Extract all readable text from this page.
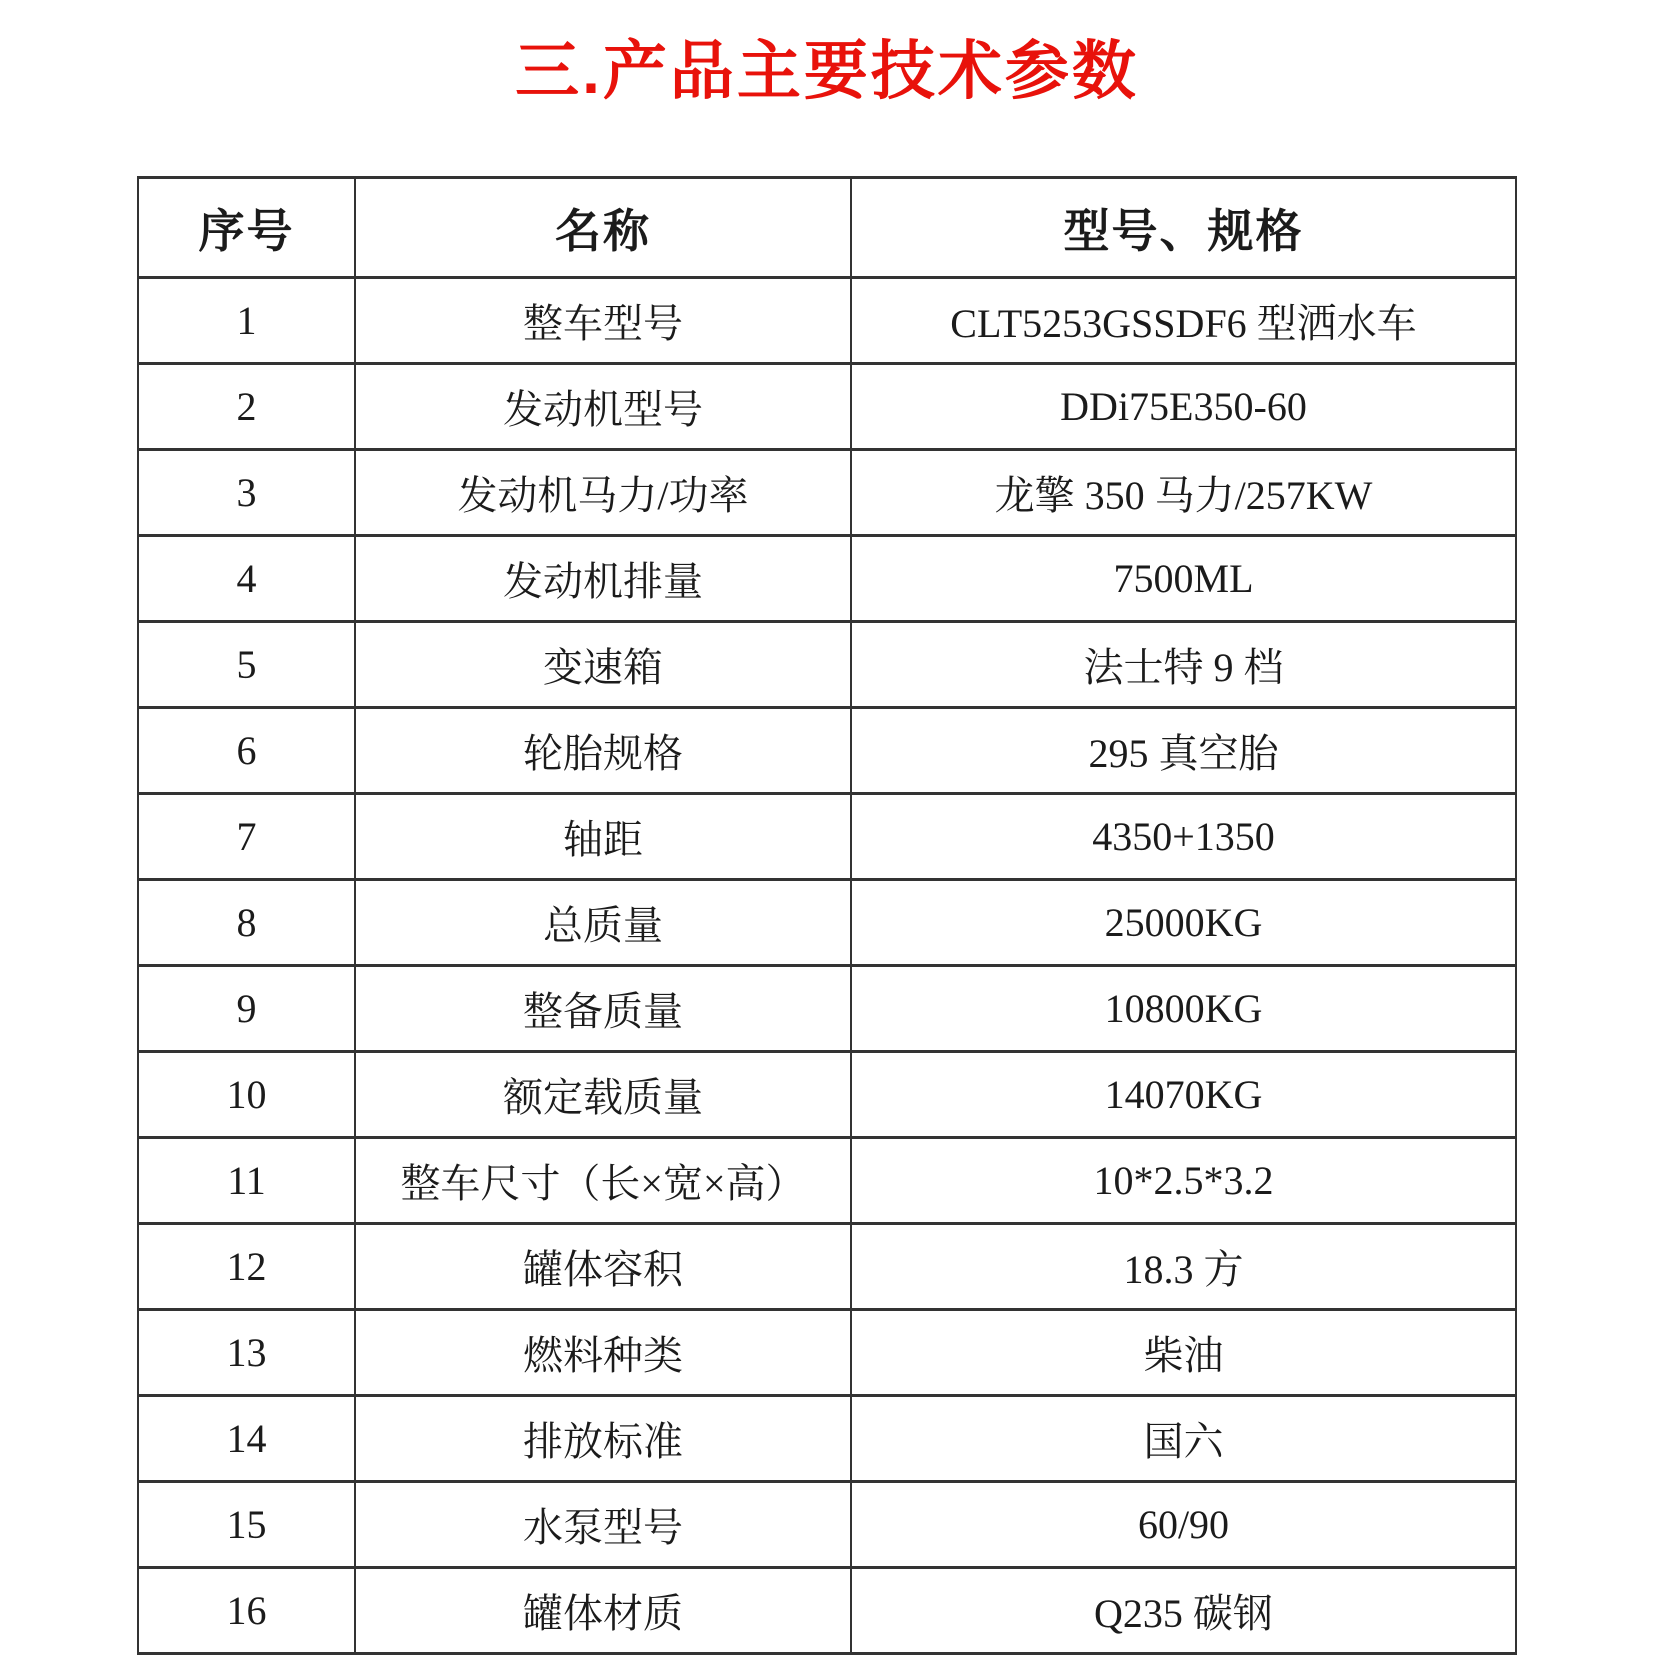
三.产品主要技术参数
序号	名称	型号、规格
1	整车型号	CLT5253GSSDF6 型洒水车
2	发动机型号	DDi75E350-60
3	发动机马力/功率	龙擎 350 马力/257KW
4	发动机排量	7500ML
5	变速箱	法士特 9 档
6	轮胎规格	295 真空胎
7	轴距	4350+1350
8	总质量	25000KG
9	整备质量	10800KG
10	额定载质量	14070KG
11	整车尺寸（长×宽×高）	10*2.5*3.2
12	罐体容积	18.3 方
13	燃料种类	柴油
14	排放标准	国六
15	水泵型号	60/90
16	罐体材质	Q235 碳钢
